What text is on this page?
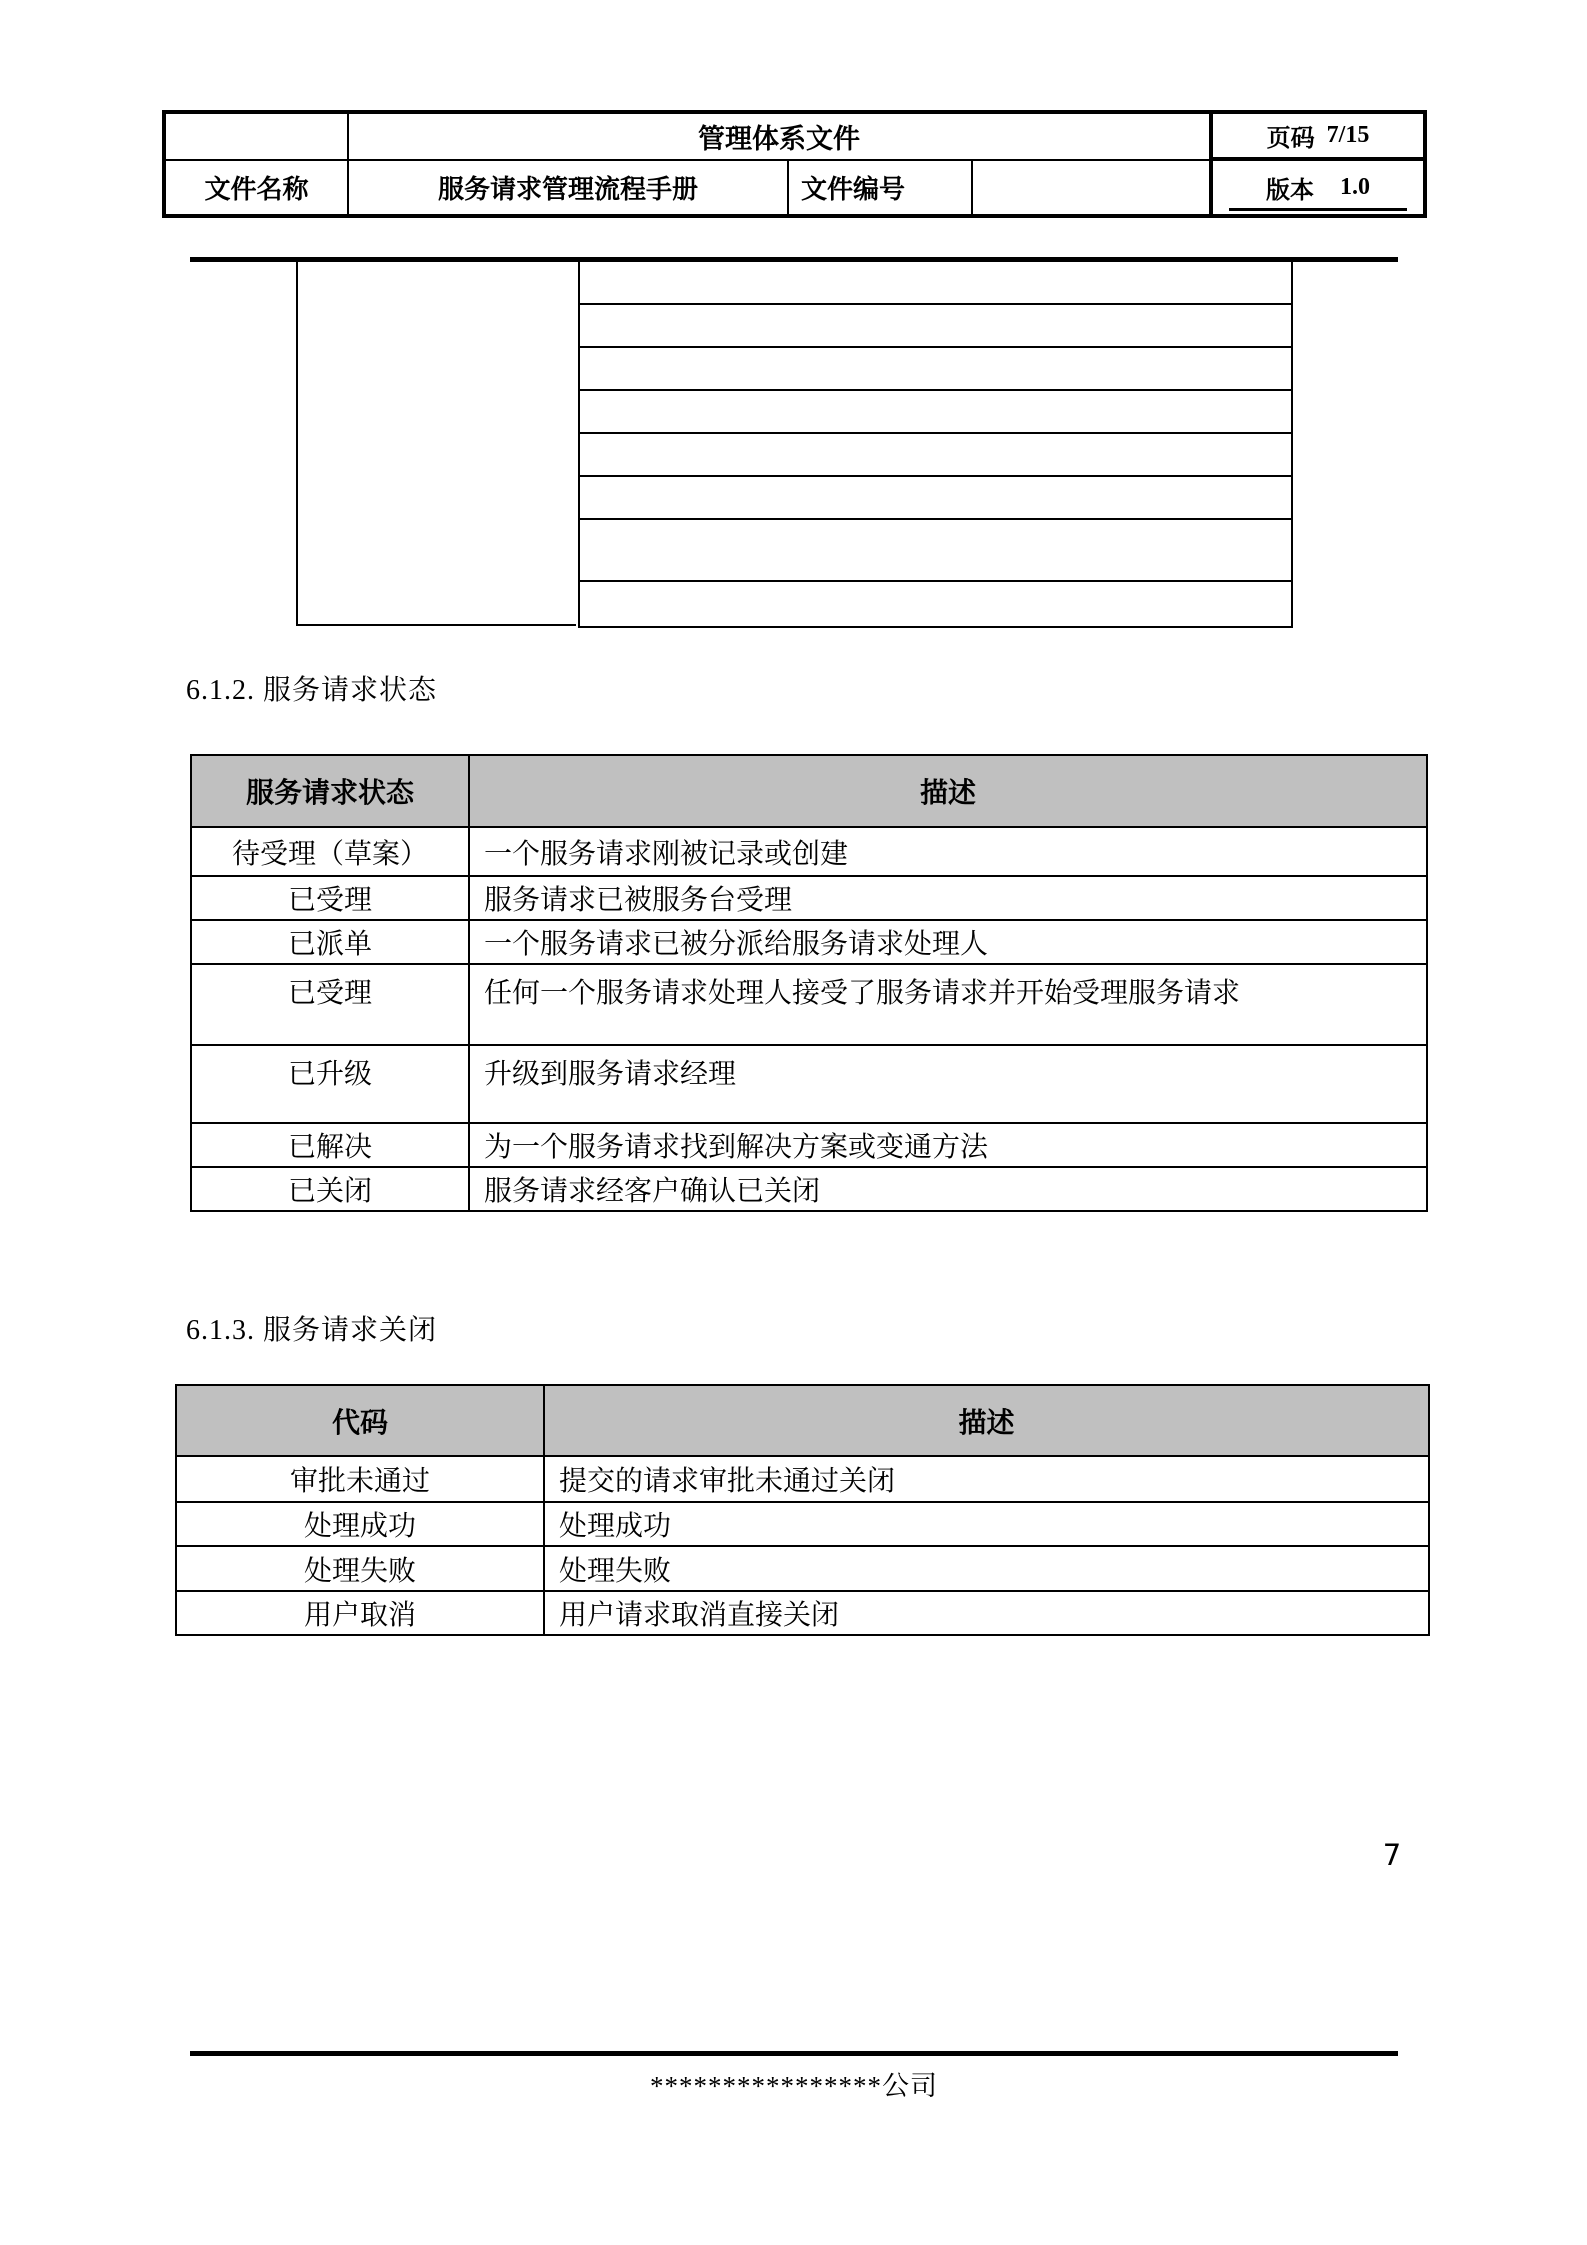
管理体系文件	页码 7/15
文件名称	服务请求管理流程手册	文件编号	版本 1.0
6.1.2. 服务请求状态
服务请求状态	描述
待受理（草案）	一个服务请求刚被记录或创建
已受理	服务请求已被服务台受理
已派单	一个服务请求已被分派给服务请求处理人
已受理	任何一个服务请求处理人接受了服务请求并开始受理服务请求
已升级	升级到服务请求经理
已解决	为一个服务请求找到解决方案或变通方法
已关闭	服务请求经客户确认已关闭
6.1.3. 服务请求关闭
代码	描述
审批未通过	提交的请求审批未通过关闭
处理成功	处理成功
处理失败	处理失败
用户取消	用户请求取消直接关闭
7
****************公司
